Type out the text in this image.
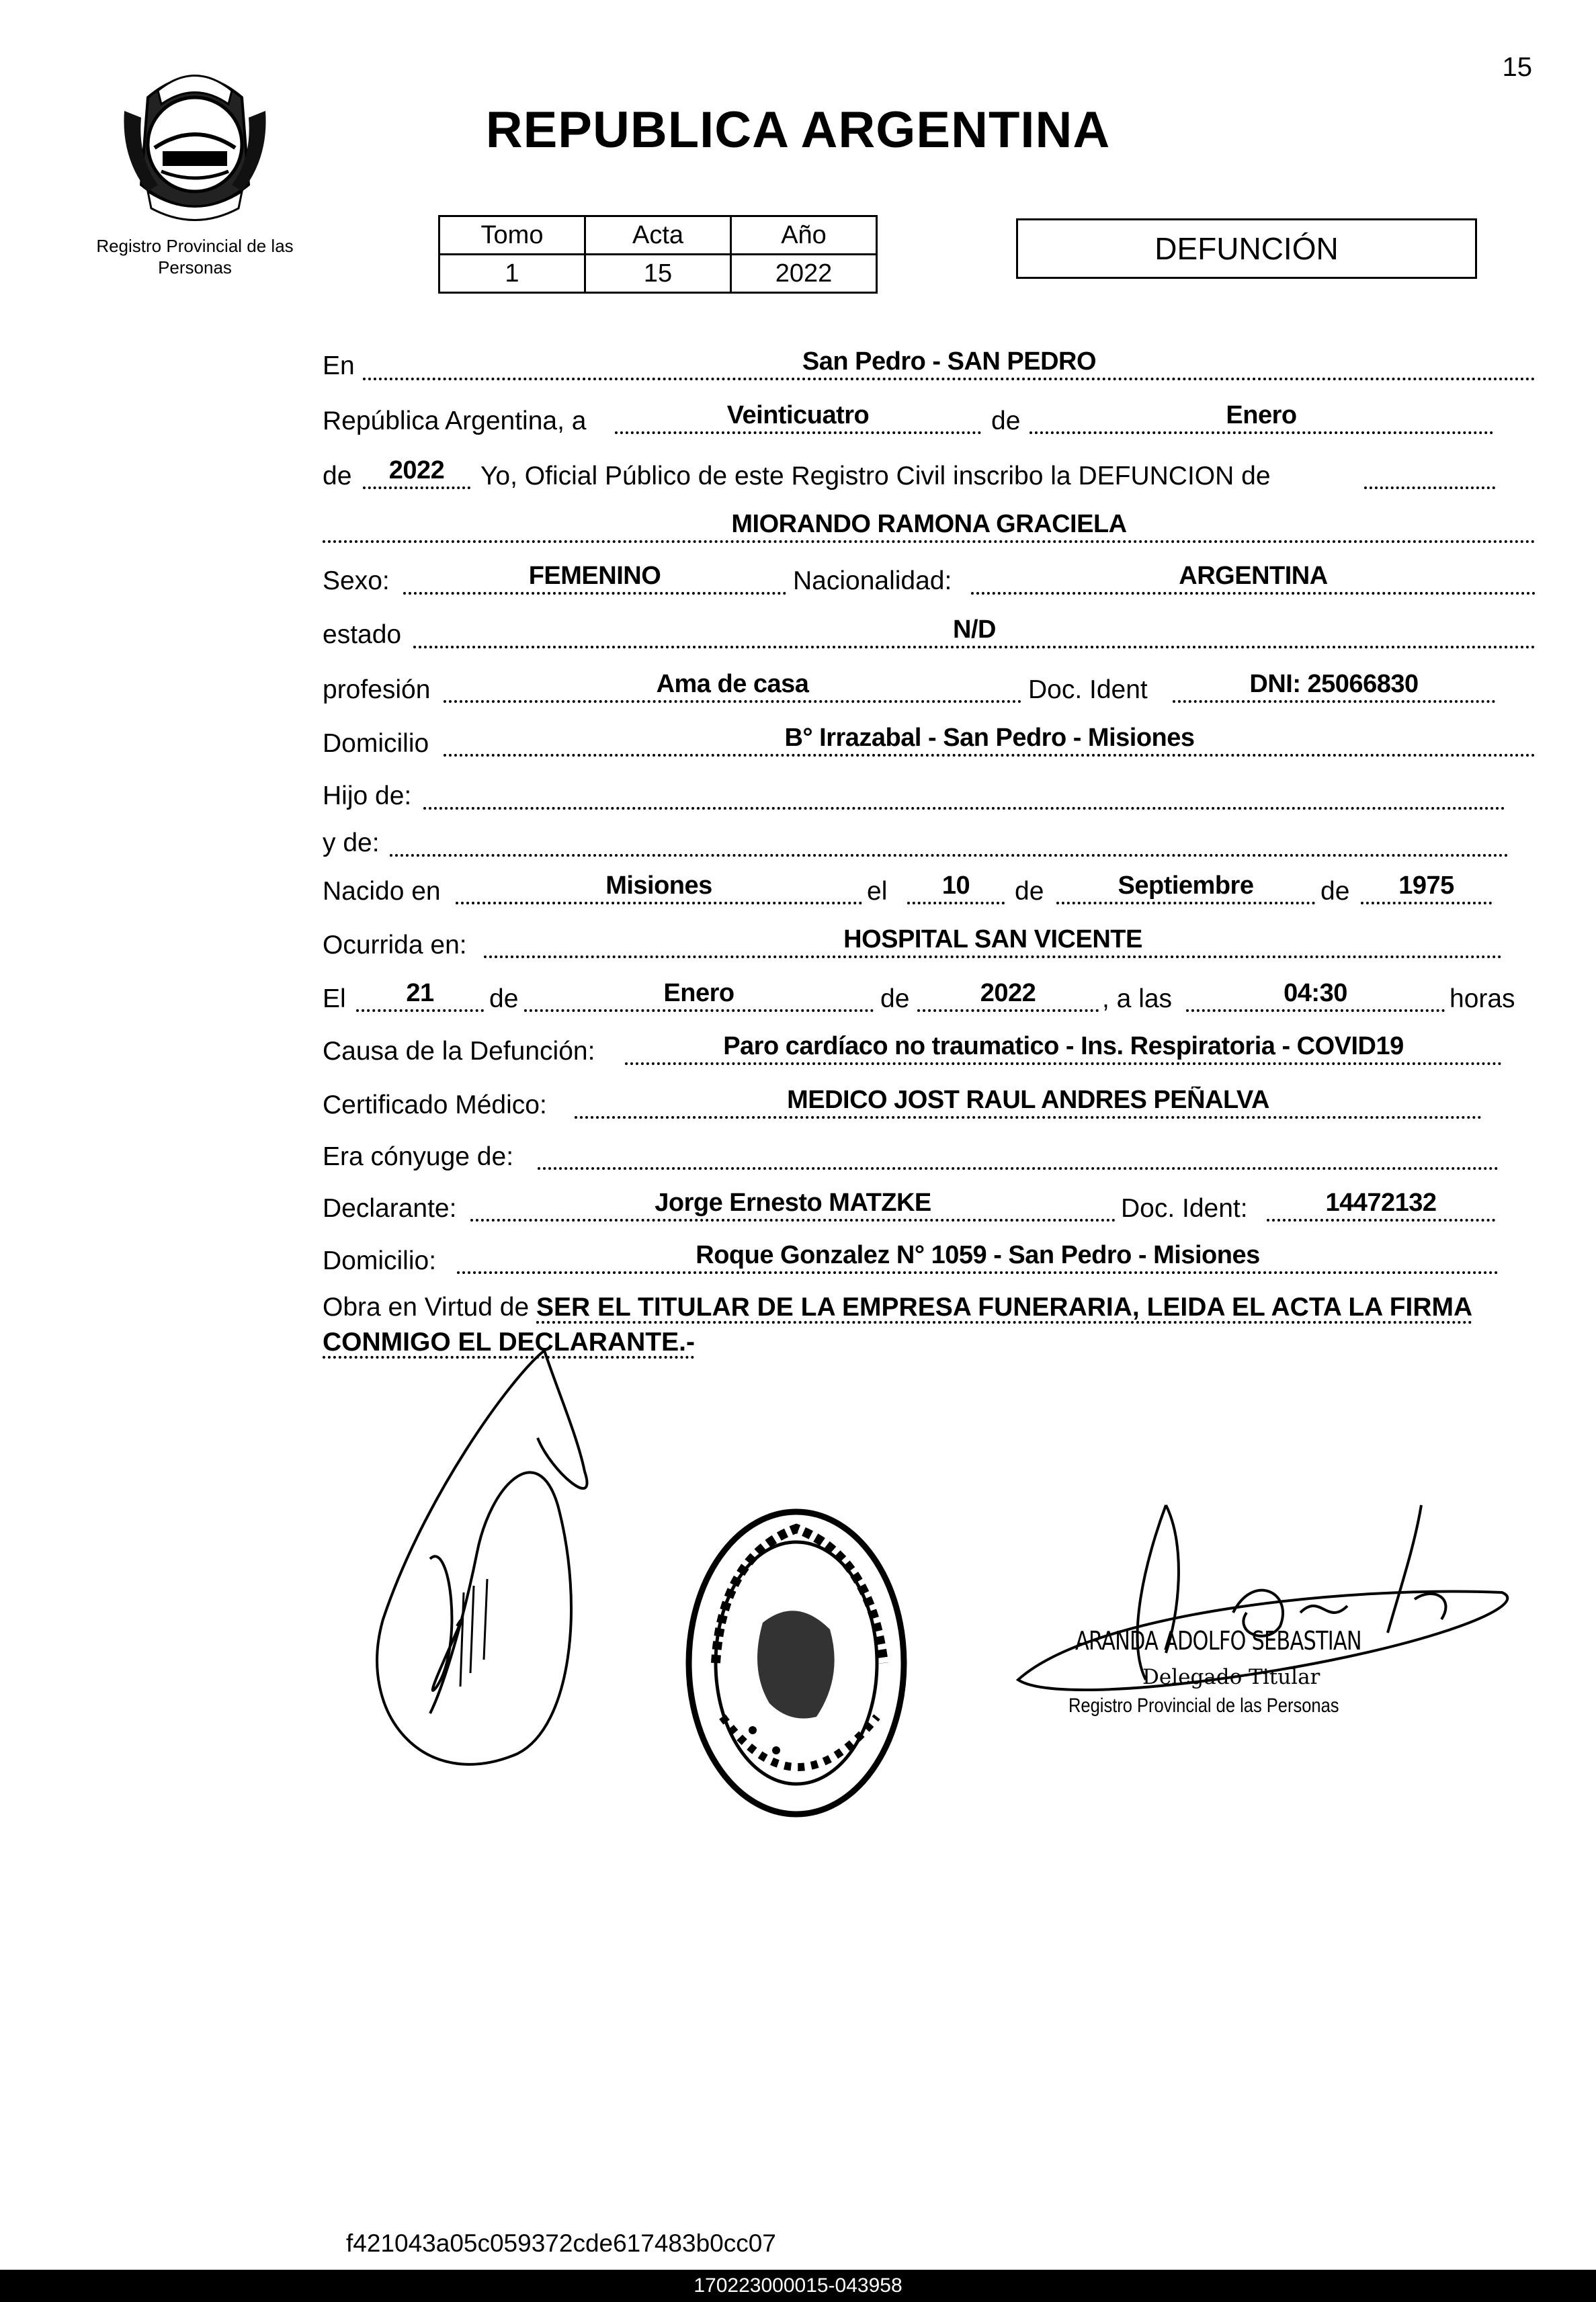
15
Registro Provincial de las Personas
REPUBLICA ARGENTINA
Tomo	Acta	Año
1	15	2022
DEFUNCIÓN
En	San Pedro - SAN PEDRO
República Argentina, a	Veinticuatro	de	Enero
de	2022	Yo, Oficial Público de este Registro Civil inscribo la DEFUNCION de
MIORANDO RAMONA GRACIELA
Sexo:	FEMENINO	Nacionalidad:	ARGENTINA
estado	N/D
profesión	Ama de casa	Doc. Ident	DNI: 25066830
Domicilio	B° Irrazabal - San Pedro - Misiones
Hijo de:
y de:
Nacido en	Misiones	el	10	de	Septiembre	de	1975
Ocurrida en:	HOSPITAL SAN VICENTE
El	21	de	Enero	de	2022	, a las	04:30	horas
Causa de la Defunción:	Paro cardíaco no traumatico - Ins. Respiratoria - COVID19
Certificado Médico:	MEDICO JOST RAUL ANDRES PEÑALVA
Era cónyuge de:
Declarante:	Jorge Ernesto MATZKE	Doc. Ident:	14472132
Domicilio:	Roque Gonzalez N° 1059 - San Pedro - Misiones
Obra en Virtud de SER EL TITULAR DE LA EMPRESA FUNERARIA, LEIDA EL ACTA LA FIRMA CONMIGO EL DECLARANTE.-
ARANDA ADOLFO SEBASTIAN
Delegado Titular
Registro Provincial de las Personas
f421043a05c059372cde617483b0cc07
170223000015-043958
